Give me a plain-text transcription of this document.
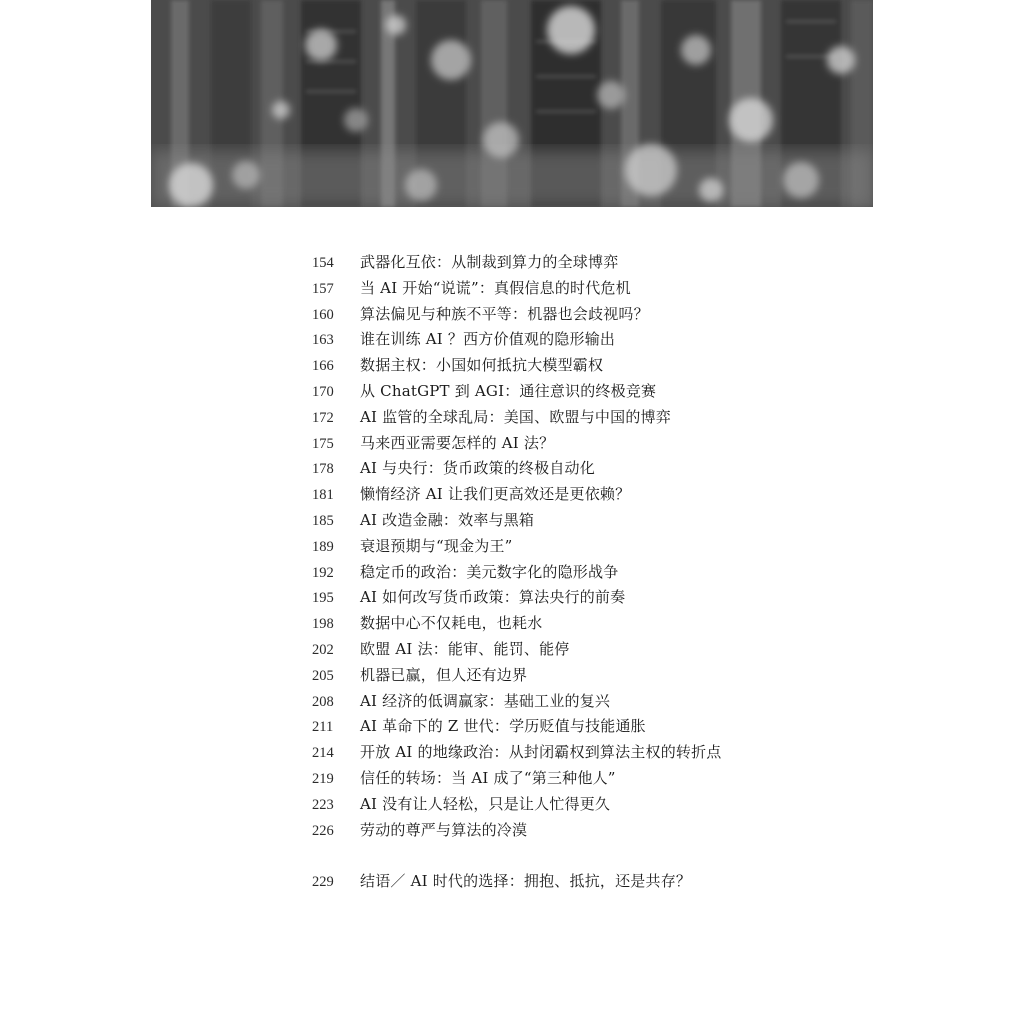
154	武器化互依：从制裁到算力的全球博弈
157	当 AI 开始“说谎”：真假信息的时代危机
160	算法偏见与种族不平等：机器也会歧视吗？
163	谁在训练 AI ？西方价值观的隐形输出
166	数据主权：小国如何抵抗大模型霸权
170	从 ChatGPT 到 AGI：通往意识的终极竞赛
172	AI 监管的全球乱局：美国、欧盟与中国的博弈
175	马来西亚需要怎样的 AI 法？
178	AI 与央行：货币政策的终极自动化
181	懒惰经济 AI 让我们更高效还是更依赖？
185	AI 改造金融：效率与黑箱
189	衰退预期与“现金为王”
192	稳定币的政治：美元数字化的隐形战争
195	AI 如何改写货币政策：算法央行的前奏
198	数据中心不仅耗电，也耗水
202	欧盟 AI 法：能审、能罚、能停
205	机器已赢，但人还有边界
208	AI 经济的低调赢家：基础工业的复兴
211	AI 革命下的 Z 世代：学历贬值与技能通胀
214	开放 AI 的地缘政治：从封闭霸权到算法主权的转折点
219	信任的转场：当 AI 成了“第三种他人”
223	AI 没有让人轻松，只是让人忙得更久
226	劳动的尊严与算法的冷漠
229	结语／ AI 时代的选择：拥抱、抵抗，还是共存？
